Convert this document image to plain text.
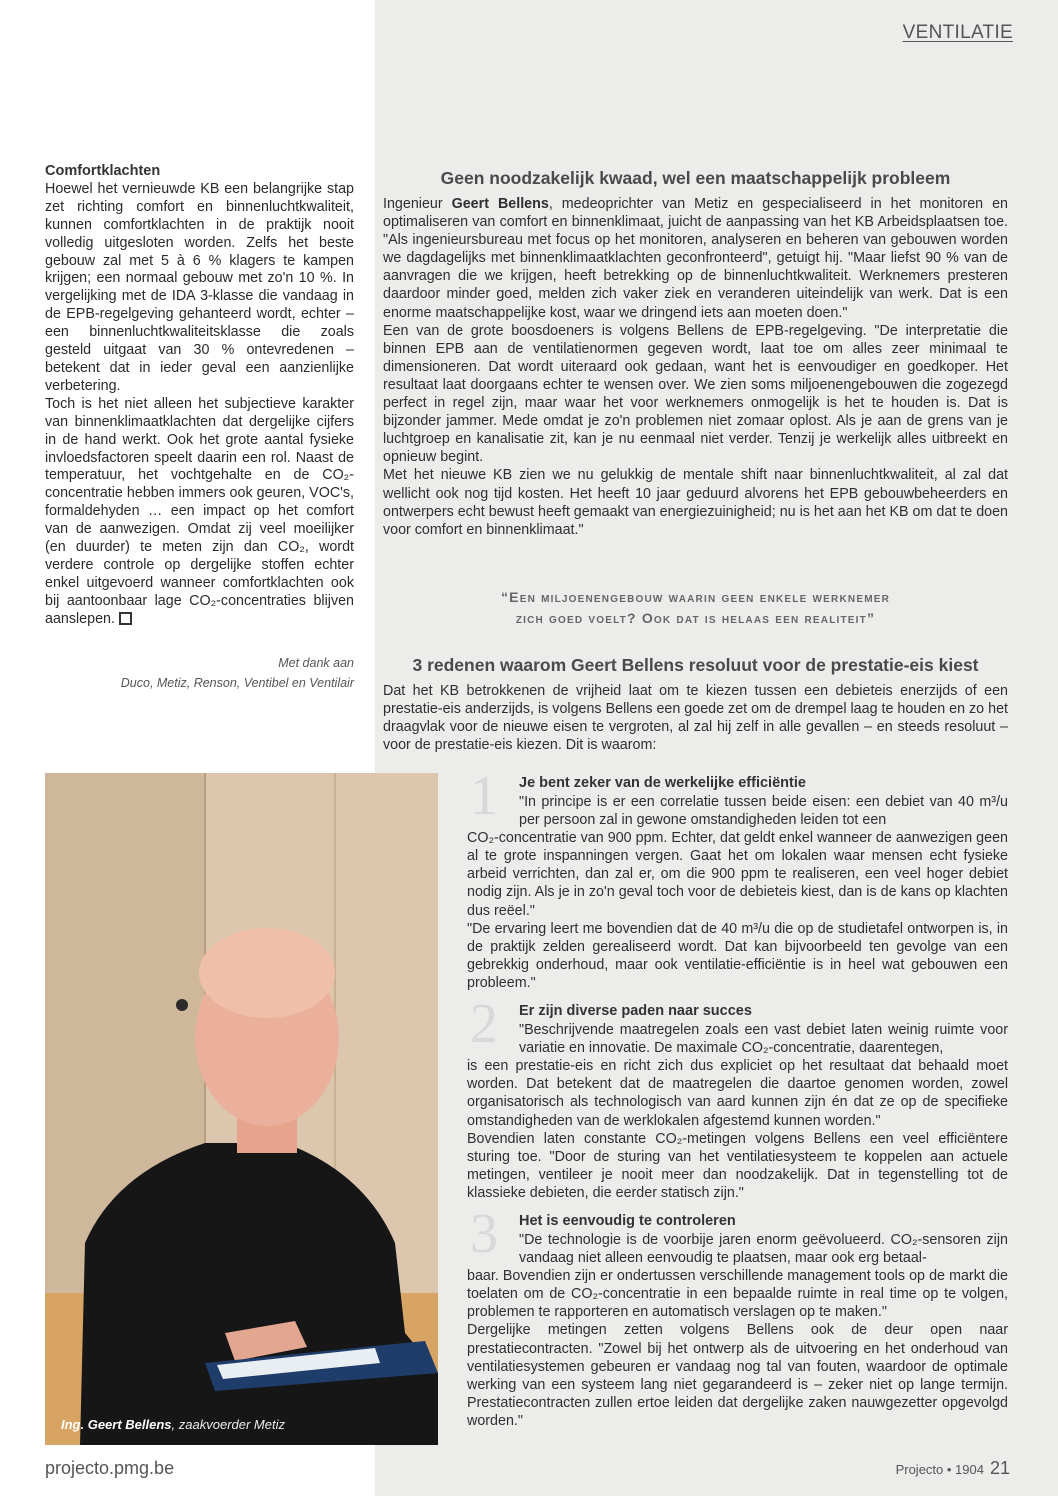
VENTILATIE
Comfortklachten

Hoewel het vernieuwde KB een belangrijke stap zet richting comfort en binnenluchtkwaliteit, kunnen comfortklachten in de praktijk nooit volledig uitgesloten worden. Zelfs het beste gebouw zal met 5 à 6 % klagers te kampen krijgen; een normaal gebouw met zo'n 10 %. In vergelijking met de IDA 3-klasse die vandaag in de EPB-regelgeving gehanteerd wordt, echter – een binnenluchtkwaliteitsklasse die zoals gesteld uitgaat van 30 % ontevredenen – betekent dat in ieder geval een aanzienlijke verbetering.

Toch is het niet alleen het subjectieve karakter van binnenklimaatklachten dat dergelijke cijfers in de hand werkt. Ook het grote aantal fysieke invloedsfactoren speelt daarin een rol. Naast de temperatuur, het vochtgehalte en de CO₂-concentratie hebben immers ook geuren, VOC's, formaldehyden … een impact op het comfort van de aanwezigen. Omdat zij veel moeilijker (en duurder) te meten zijn dan CO₂, wordt verdere controle op dergelijke stoffen echter enkel uitgevoerd wanneer comfortklachten ook bij aantoonbaar lage CO₂-concentraties blijven aanslepen.

Met dank aan
Duco, Metiz, Renson, Ventibel en Ventilair
Geen noodzakelijk kwaad, wel een maatschappelijk probleem

Ingenieur Geert Bellens, medeoprichter van Metiz en gespecialiseerd in het monitoren en optimaliseren van comfort en binnenklimaat, juicht de aanpassing van het KB Arbeidsplaatsen toe. "Als ingenieursbureau met focus op het monitoren, analyseren en beheren van gebouwen worden we dagdagelijks met binnenklimaatklachten geconfronteerd", getuigt hij. "Maar liefst 90 % van de aanvragen die we krijgen, heeft betrekking op de binnenluchtkwaliteit. Werknemers presteren daardoor minder goed, melden zich vaker ziek en veranderen uiteindelijk van werk. Dat is een enorme maatschappelijke kost, waar we dringend iets aan moeten doen."

Een van de grote boosdoeners is volgens Bellens de EPB-regelgeving. "De interpretatie die binnen EPB aan de ventilatienormen gegeven wordt, laat toe om alles zeer minimaal te dimensioneren. Dat wordt uiteraard ook gedaan, want het is eenvoudiger en goedkoper. Het resultaat laat doorgaans echter te wensen over. We zien soms miljoenengebouwen die zogezegd perfect in regel zijn, maar waar het voor werknemers onmogelijk is het te houden is. Dat is bijzonder jammer. Mede omdat je zo'n problemen niet zomaar oplost. Als je aan de grens van je luchtgroep en kanalisatie zit, kan je nu eenmaal niet verder. Tenzij je werkelijk alles uitbreekt en opnieuw begint.

Met het nieuwe KB zien we nu gelukkig de mentale shift naar binnenluchtkwaliteit, al zal dat wellicht ook nog tijd kosten. Het heeft 10 jaar geduurd alvorens het EPB gebouwbeheerders en ontwerpers echt bewust heeft gemaakt van energiezuinigheid; nu is het aan het KB om dat te doen voor comfort en binnenklimaat."

“Een miljoenengebouw waarin geen enkele werknemer
zich goed voelt? Ook dat is helaas een realiteit”
3 redenen waarom Geert Bellens resoluut voor de prestatie-eis kiest
Dat het KB betrokkenen de vrijheid laat om te kiezen tussen een debieteis enerzijds of een prestatie-eis anderzijds, is volgens Bellens een goede zet om de drempel laag te houden en zo het draagvlak voor de nieuwe eisen te vergroten, al zal hij zelf in alle gevallen – en steeds resoluut – voor de prestatie-eis kiezen. Dit is waarom:
Ing. Geert Bellens, zaakvoerder Metiz
1 Je bent zeker van de werkelijke efficiëntie

"In principe is er een correlatie tussen beide eisen: een debiet van 40 m³/u per persoon zal in gewone omstandigheden leiden tot een

CO₂-concentratie van 900 ppm. Echter, dat geldt enkel wanneer de aanwezigen geen al te grote inspanningen vergen. Gaat het om lokalen waar mensen echt fysieke arbeid verrichten, dan zal er, om die 900 ppm te realiseren, een veel hoger debiet nodig zijn. Als je in zo'n geval toch voor de debieteis kiest, dan is de kans op klachten dus reëel."

"De ervaring leert me bovendien dat de 40 m³/u die op de studietafel ontworpen is, in de praktijk zelden gerealiseerd wordt. Dat kan bijvoorbeeld ten gevolge van een gebrekkig onderhoud, maar ook ventilatie-efficiëntie is in heel wat gebouwen een probleem."

2 Er zijn diverse paden naar succes

"Beschrijvende maatregelen zoals een vast debiet laten weinig ruimte voor variatie en innovatie. De maximale CO₂-concentratie, daarentegen,

is een prestatie-eis en richt zich dus expliciet op het resultaat dat behaald moet worden. Dat betekent dat de maatregelen die daartoe genomen worden, zowel organisatorisch als technologisch van aard kunnen zijn én dat ze op de specifieke omstandigheden van de werklokalen afgestemd kunnen worden."

Bovendien laten constante CO₂-metingen volgens Bellens een veel efficiëntere sturing toe. "Door de sturing van het ventilatiesysteem te koppelen aan actuele metingen, ventileer je nooit meer dan noodzakelijk. Dat in tegenstelling tot de klassieke debieten, die eerder statisch zijn."

3 Het is eenvoudig te controleren

"De technologie is de voorbije jaren enorm geëvolueerd. CO₂-sensoren zijn vandaag niet alleen eenvoudig te plaatsen, maar ook erg betaal-

baar. Bovendien zijn er ondertussen verschillende management tools op de markt die toelaten om de CO₂-concentratie in een bepaalde ruimte in real time op te volgen, problemen te rapporteren en automatisch verslagen op te maken."

Dergelijke metingen zetten volgens Bellens ook de deur open naar prestatiecontracten. "Zowel bij het ontwerp als de uitvoering en het onderhoud van ventilatiesystemen gebeuren er vandaag nog tal van fouten, waardoor de optimale werking van een systeem lang niet gegarandeerd is – zeker niet op lange termijn. Prestatiecontracten zullen ertoe leiden dat dergelijke zaken nauwgezetter opgevolgd worden."

projecto.pmg.be	Projecto • 1904 21
